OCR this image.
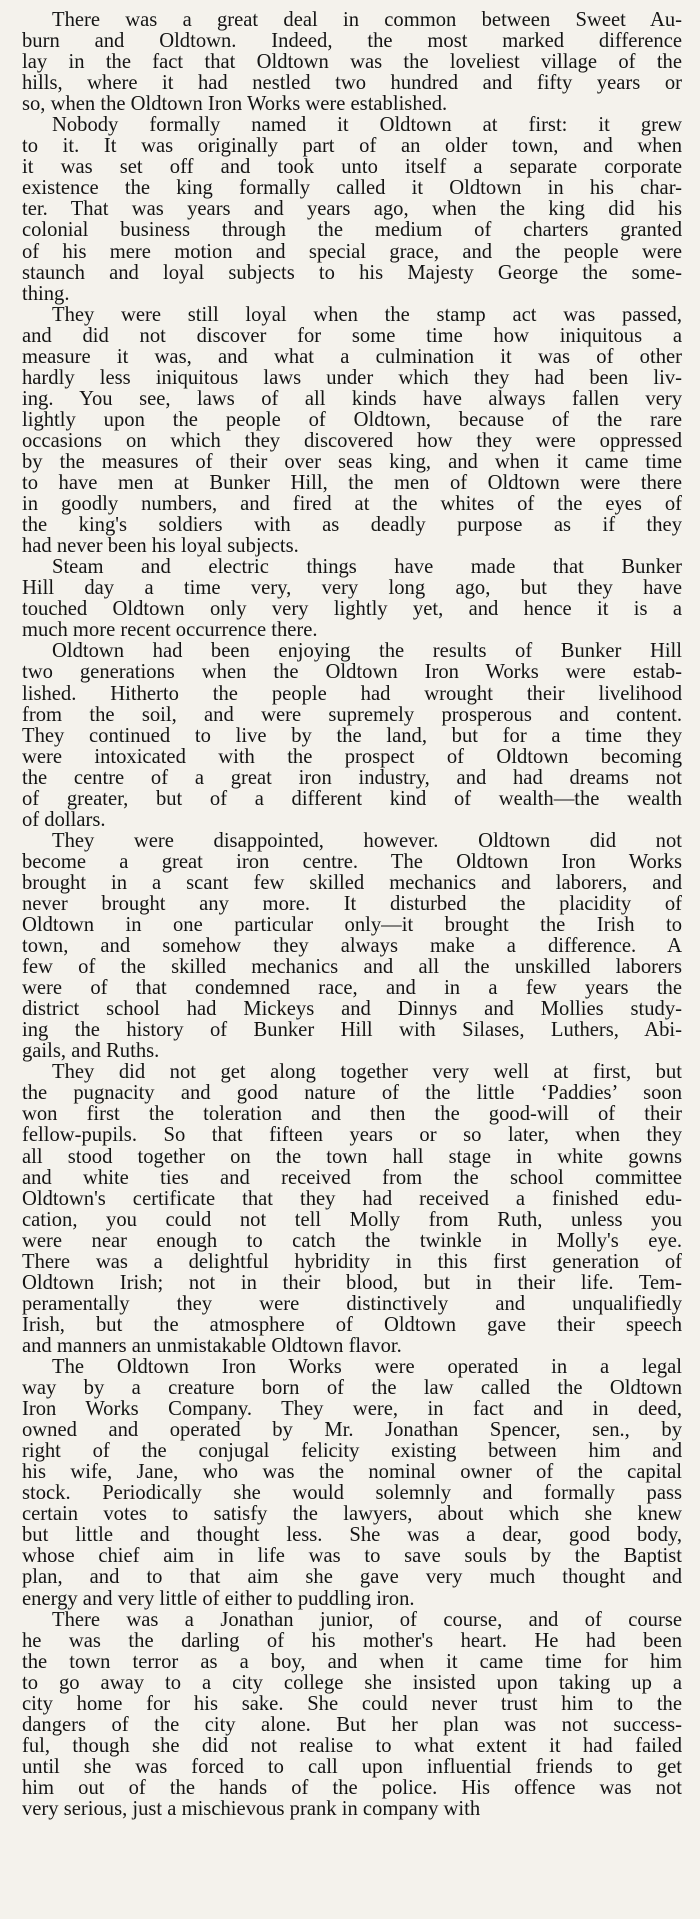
There was a great deal in common between Sweet Au-
burn and Oldtown. Indeed, the most marked difference
lay in the fact that Oldtown was the loveliest village of the
hills, where it had nestled two hundred and fifty years or
so, when the Oldtown Iron Works were established.
Nobody formally named it Oldtown at first: it grew
to it. It was originally part of an older town, and when
it was set off and took unto itself a separate corporate
existence the king formally called it Oldtown in his char-
ter. That was years and years ago, when the king did his
colonial business through the medium of charters granted
of his mere motion and special grace, and the people were
staunch and loyal subjects to his Majesty George the some-
thing.
They were still loyal when the stamp act was passed,
and did not discover for some time how iniquitous a
measure it was, and what a culmination it was of other
hardly less iniquitous laws under which they had been liv-
ing. You see, laws of all kinds have always fallen very
lightly upon the people of Oldtown, because of the rare
occasions on which they discovered how they were oppressed
by the measures of their over seas king, and when it came time
to have men at Bunker Hill, the men of Oldtown were there
in goodly numbers, and fired at the whites of the eyes of
the king's soldiers with as deadly purpose as if they
had never been his loyal subjects.
Steam and electric things have made that Bunker
Hill day a time very, very long ago, but they have
touched Oldtown only very lightly yet, and hence it is a
much more recent occurrence there.
Oldtown had been enjoying the results of Bunker Hill
two generations when the Oldtown Iron Works were estab-
lished. Hitherto the people had wrought their livelihood
from the soil, and were supremely prosperous and content.
They continued to live by the land, but for a time they
were intoxicated with the prospect of Oldtown becoming
the centre of a great iron industry, and had dreams not
of greater, but of a different kind of wealth—the wealth
of dollars.
They were disappointed, however. Oldtown did not
become a great iron centre. The Oldtown Iron Works
brought in a scant few skilled mechanics and laborers, and
never brought any more. It disturbed the placidity of
Oldtown in one particular only—it brought the Irish to
town, and somehow they always make a difference. A
few of the skilled mechanics and all the unskilled laborers
were of that condemned race, and in a few years the
district school had Mickeys and Dinnys and Mollies study-
ing the history of Bunker Hill with Silases, Luthers, Abi-
gails, and Ruths.
They did not get along together very well at first, but
the pugnacity and good nature of the little ‘Paddies’ soon
won first the toleration and then the good-will of their
fellow-pupils. So that fifteen years or so later, when they
all stood together on the town hall stage in white gowns
and white ties and received from the school committee
Oldtown's certificate that they had received a finished edu-
cation, you could not tell Molly from Ruth, unless you
were near enough to catch the twinkle in Molly's eye.
There was a delightful hybridity in this first generation of
Oldtown Irish; not in their blood, but in their life. Tem-
peramentally they were distinctively and unqualifiedly
Irish, but the atmosphere of Oldtown gave their speech
and manners an unmistakable Oldtown flavor.
The Oldtown Iron Works were operated in a legal
way by a creature born of the law called the Oldtown
Iron Works Company. They were, in fact and in deed,
owned and operated by Mr. Jonathan Spencer, sen., by
right of the conjugal felicity existing between him and
his wife, Jane, who was the nominal owner of the capital
stock. Periodically she would solemnly and formally pass
certain votes to satisfy the lawyers, about which she knew
but little and thought less. She was a dear, good body,
whose chief aim in life was to save souls by the Baptist
plan, and to that aim she gave very much thought and
energy and very little of either to puddling iron.
There was a Jonathan junior, of course, and of course
he was the darling of his mother's heart. He had been
the town terror as a boy, and when it came time for him
to go away to a city college she insisted upon taking up a
city home for his sake. She could never trust him to the
dangers of the city alone. But her plan was not success-
ful, though she did not realise to what extent it had failed
until she was forced to call upon influential friends to get
him out of the hands of the police. His offence was not
very serious, just a mischievous prank in company with
